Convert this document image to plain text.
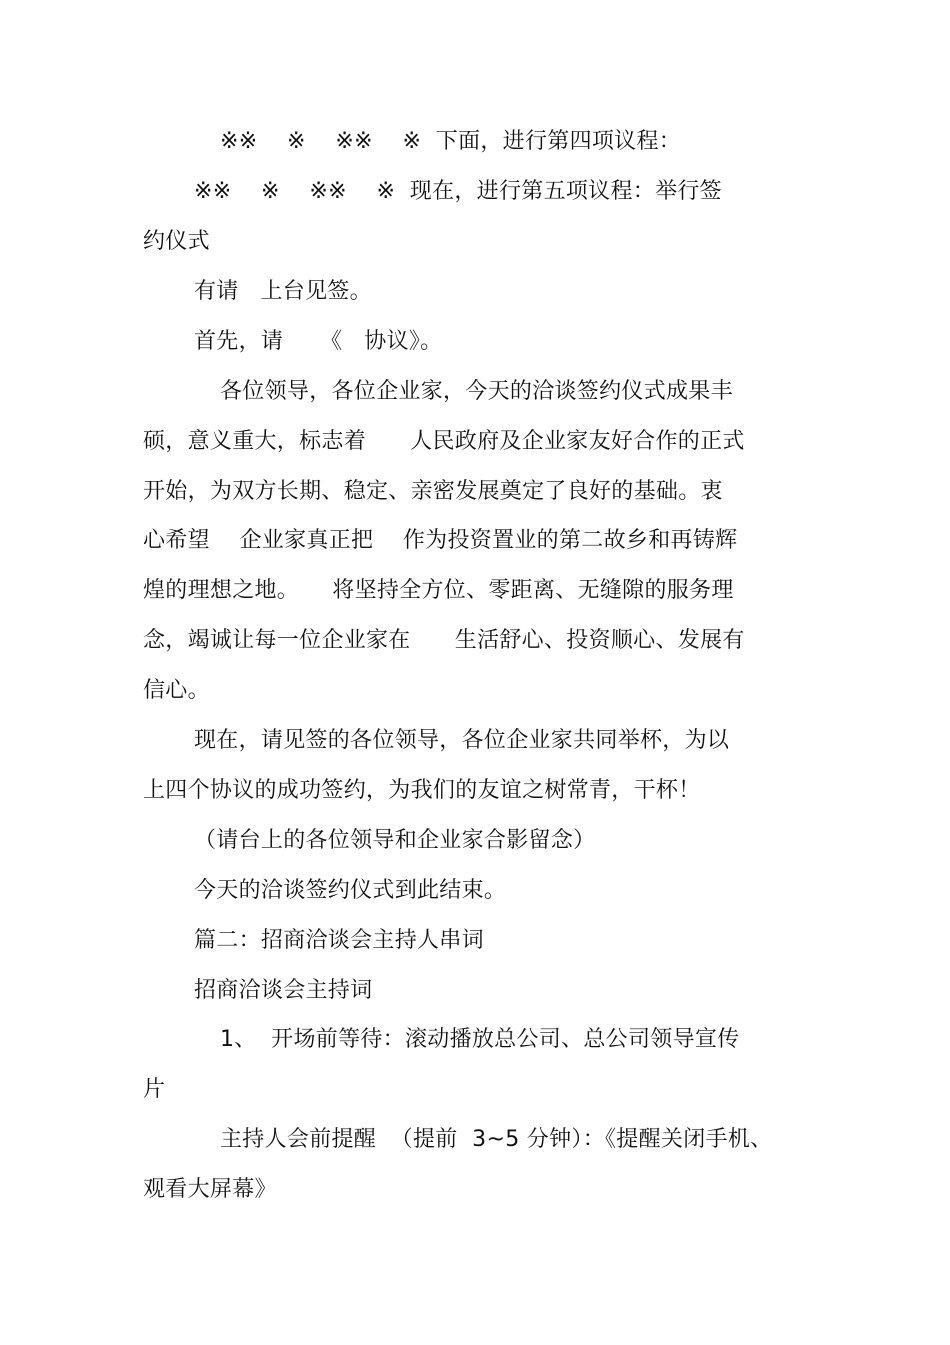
※※　 ※　 ※※　 ※  下面，进行第四项议程：
※※　 ※　 ※※　 ※  现在，进行第五项议程：举行签
约仪式
有请   上台见签。
首先，请　  《   协议》。
各位领导，各位企业家，今天的洽谈签约仪式成果丰
硕，意义重大，标志着　   人民政府及企业家友好合作的正式
开始，为双方长期、稳定、亲密发展奠定了良好的基础。衷
心希望　 企业家真正把　 作为投资置业的第二故乡和再铸辉
煌的理想之地。　   将坚持全方位、零距离、无缝隙的服务理
念，竭诚让每一位企业家在　   生活舒心、投资顺心、发展有
信心。
现在，请见签的各位领导，各位企业家共同举杯，为以
上四个协议的成功签约，为我们的友谊之树常青，干杯！
（请台上的各位领导和企业家合影留念）
今天的洽谈签约仪式到此结束。
篇二：招商洽谈会主持人串词
招商洽谈会主持词
1、  开场前等待：滚动播放总公司、总公司领导宣传
片
主持人会前提醒  （提前  3~5 分钟）：《提醒关闭手机、
观看大屏幕》
